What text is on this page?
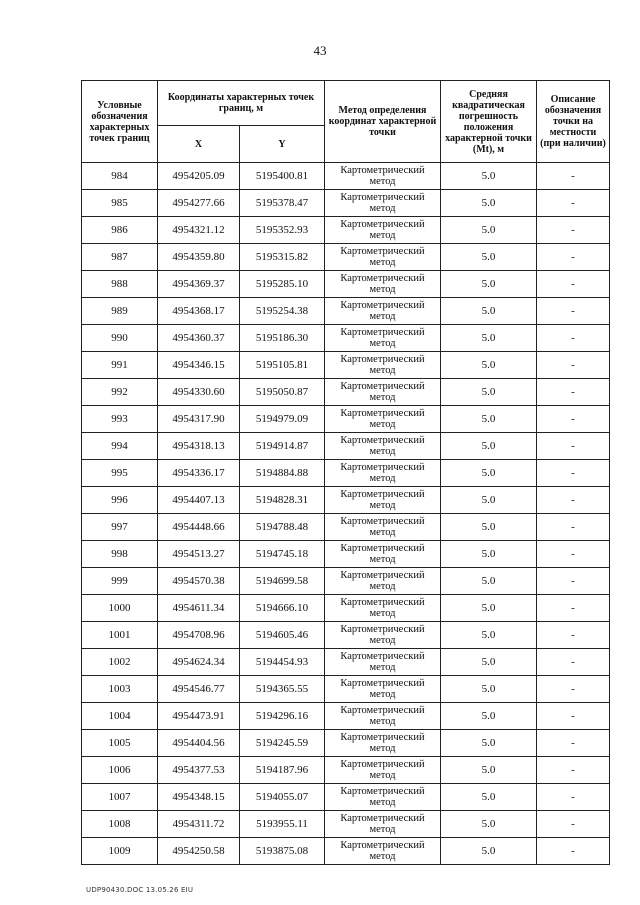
43
Условные обозначения характерных точек границ	Координаты характерных точек границ, м		Метод определения координат характерной точки	Средняя квадратическая погрешность положения характерной точки (Mt), м	Описание обозначения точки на местности (при наличии)
	X	Y			
984	4954205.09	5195400.81	Картометрический метод	5.0	-
985	4954277.66	5195378.47	Картометрический метод	5.0	-
986	4954321.12	5195352.93	Картометрический метод	5.0	-
987	4954359.80	5195315.82	Картометрический метод	5.0	-
988	4954369.37	5195285.10	Картометрический метод	5.0	-
989	4954368.17	5195254.38	Картометрический метод	5.0	-
990	4954360.37	5195186.30	Картометрический метод	5.0	-
991	4954346.15	5195105.81	Картометрический метод	5.0	-
992	4954330.60	5195050.87	Картометрический метод	5.0	-
993	4954317.90	5194979.09	Картометрический метод	5.0	-
994	4954318.13	5194914.87	Картометрический метод	5.0	-
995	4954336.17	5194884.88	Картометрический метод	5.0	-
996	4954407.13	5194828.31	Картометрический метод	5.0	-
997	4954448.66	5194788.48	Картометрический метод	5.0	-
998	4954513.27	5194745.18	Картометрический метод	5.0	-
999	4954570.38	5194699.58	Картометрический метод	5.0	-
1000	4954611.34	5194666.10	Картометрический метод	5.0	-
1001	4954708.96	5194605.46	Картометрический метод	5.0	-
1002	4954624.34	5194454.93	Картометрический метод	5.0	-
1003	4954546.77	5194365.55	Картометрический метод	5.0	-
1004	4954473.91	5194296.16	Картометрический метод	5.0	-
1005	4954404.56	5194245.59	Картометрический метод	5.0	-
1006	4954377.53	5194187.96	Картометрический метод	5.0	-
1007	4954348.15	5194055.07	Картометрический метод	5.0	-
1008	4954311.72	5193955.11	Картометрический метод	5.0	-
1009	4954250.58	5193875.08	Картометрический метод	5.0	-
UDP90430.DOC 13.05.26 EIU
